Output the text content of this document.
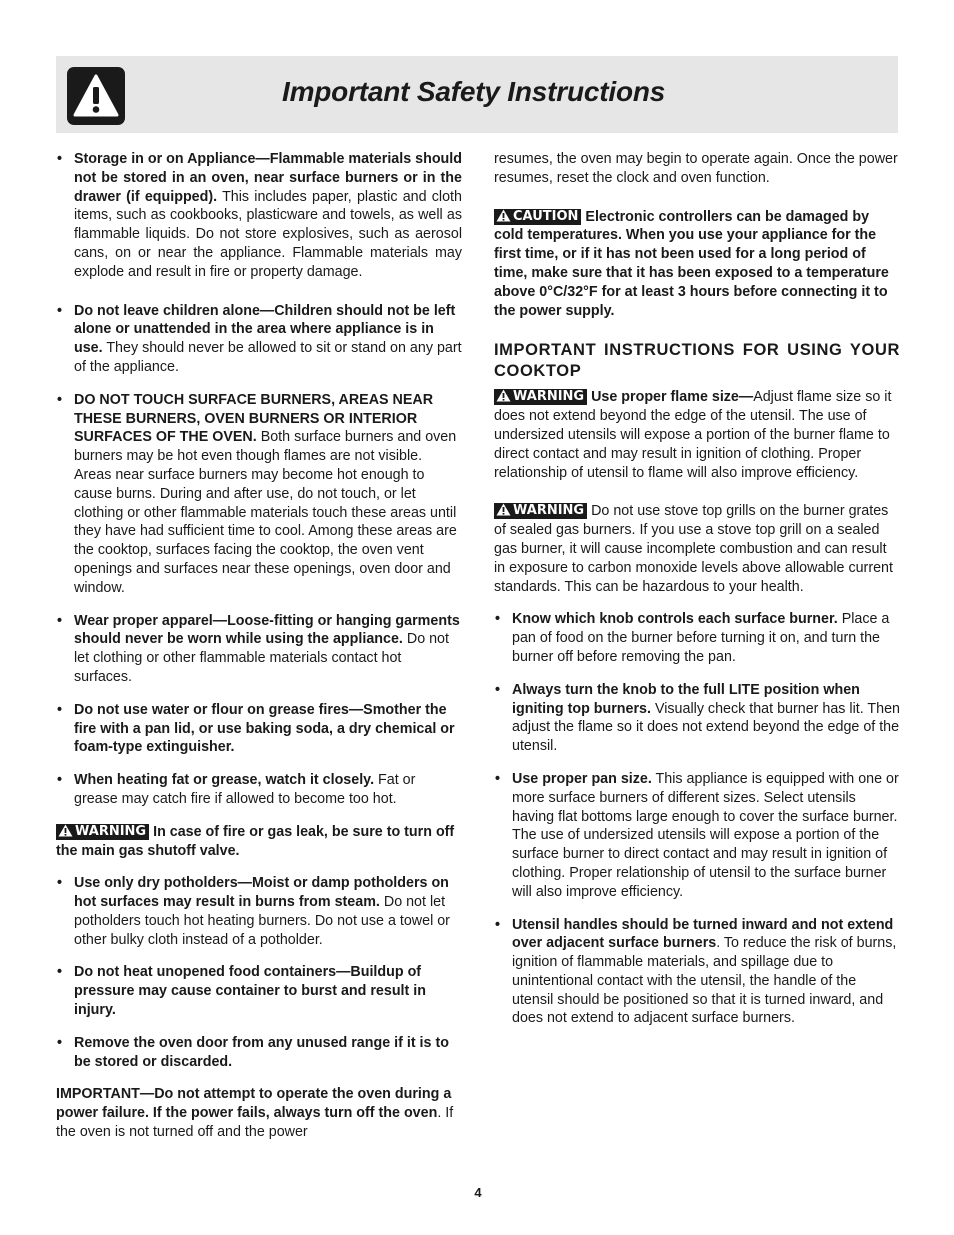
Important Safety Instructions
• Storage in or on Appliance—Flammable materials should not be stored in an oven, near surface burners or in the drawer (if equipped). This includes paper, plastic and cloth items, such as cookbooks, plasticware and towels, as well as flammable liquids. Do not store explosives, such as aerosol cans, on or near the appliance. Flammable materials may explode and result in fire or property damage.
• Do not leave children alone—Children should not be left alone or unattended in the area where appliance is in use. They should never be allowed to sit or stand on any part of the appliance.
• DO NOT TOUCH SURFACE BURNERS, AREAS NEAR THESE BURNERS, OVEN BURNERS OR INTERIOR SURFACES OF THE OVEN. Both surface burners and oven burners may be hot even though flames are not visible. Areas near surface burners may become hot enough to cause burns. During and after use, do not touch, or let clothing or other flammable materials touch these areas until they have had sufficient time to cool. Among these areas are the cooktop, surfaces facing the cooktop, the oven vent openings and surfaces near these openings, oven door and window.
• Wear proper apparel—Loose-fitting or hanging garments should never be worn while using the appliance. Do not let clothing or other flammable materials contact hot surfaces.
• Do not use water or flour on grease fires—Smother the fire with a pan lid, or use baking soda, a dry chemical or foam-type extinguisher.
• When heating fat or grease, watch it closely. Fat or grease may catch fire if allowed to become too hot.
WARNING In case of fire or gas leak, be sure to turn off the main gas shutoff valve.
• Use only dry potholders—Moist or damp potholders on hot surfaces may result in burns from steam. Do not let potholders touch hot heating burners. Do not use a towel or other bulky cloth instead of a potholder.
• Do not heat unopened food containers—Buildup of pressure may cause container to burst and result in injury.
• Remove the oven door from any unused range if it is to be stored or discarded.
IMPORTANT—Do not attempt to operate the oven during a power failure. If the power fails, always turn off the oven. If the oven is not turned off and the power
resumes, the oven may begin to operate again. Once the power resumes, reset the clock and oven function.
CAUTION Electronic controllers can be damaged by cold temperatures. When you use your appliance for the first time, or if it has not been used for a long period of time, make sure that it has been exposed to a temperature above 0°C/32°F for at least 3 hours before connecting it to the power supply.
IMPORTANT INSTRUCTIONS FOR USING YOUR COOKTOP
WARNING Use proper flame size—Adjust flame size so it does not extend beyond the edge of the utensil. The use of undersized utensils will expose a portion of the burner flame to direct contact and may result in ignition of clothing. Proper relationship of utensil to flame will also improve efficiency.
WARNING Do not use stove top grills on the burner grates of sealed gas burners. If you use a stove top grill on a sealed gas burner, it will cause incomplete combustion and can result in exposure to carbon monoxide levels above allowable current standards. This can be hazardous to your health.
• Know which knob controls each surface burner. Place a pan of food on the burner before turning it on, and turn the burner off before removing the pan.
• Always turn the knob to the full LITE position when igniting top burners. Visually check that burner has lit. Then adjust the flame so it does not extend beyond the edge of the utensil.
• Use proper pan size. This appliance is equipped with one or more surface burners of different sizes. Select utensils having flat bottoms large enough to cover the surface burner. The use of undersized utensils will expose a portion of the surface burner to direct contact and may result in ignition of clothing. Proper relationship of utensil to the surface burner will also improve efficiency.
• Utensil handles should be turned inward and not extend over adjacent surface burners. To reduce the risk of burns, ignition of flammable materials, and spillage due to unintentional contact with the utensil, the handle of the utensil should be positioned so that it is turned inward, and does not extend to adjacent surface burners.
4
